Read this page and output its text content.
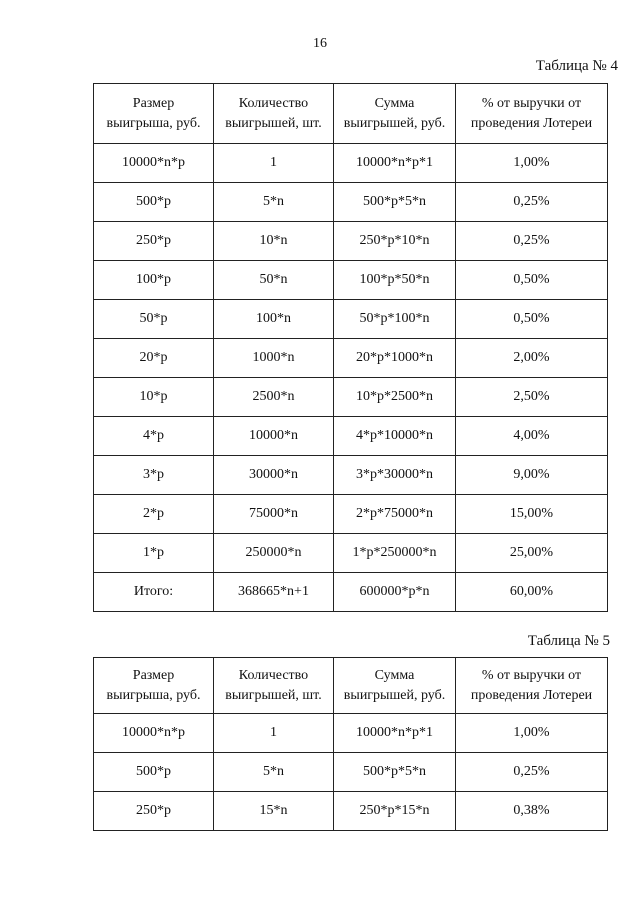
16
Таблица № 4
Размер выигрыша, руб.	Количество выигрышей, шт.	Сумма выигрышей, руб.	% от выручки от проведения Лотереи
10000*n*p	1	10000*n*p*1	1,00%
500*p	5*n	500*p*5*n	0,25%
250*p	10*n	250*p*10*n	0,25%
100*p	50*n	100*p*50*n	0,50%
50*p	100*n	50*p*100*n	0,50%
20*p	1000*n	20*p*1000*n	2,00%
10*p	2500*n	10*p*2500*n	2,50%
4*p	10000*n	4*p*10000*n	4,00%
3*p	30000*n	3*p*30000*n	9,00%
2*p	75000*n	2*p*75000*n	15,00%
1*p	250000*n	1*p*250000*n	25,00%
Итого:	368665*n+1	600000*p*n	60,00%
Таблица № 5
Размер выигрыша, руб.	Количество выигрышей, шт.	Сумма выигрышей, руб.	% от выручки от проведения Лотереи
10000*n*p	1	10000*n*p*1	1,00%
500*p	5*n	500*p*5*n	0,25%
250*p	15*n	250*p*15*n	0,38%
